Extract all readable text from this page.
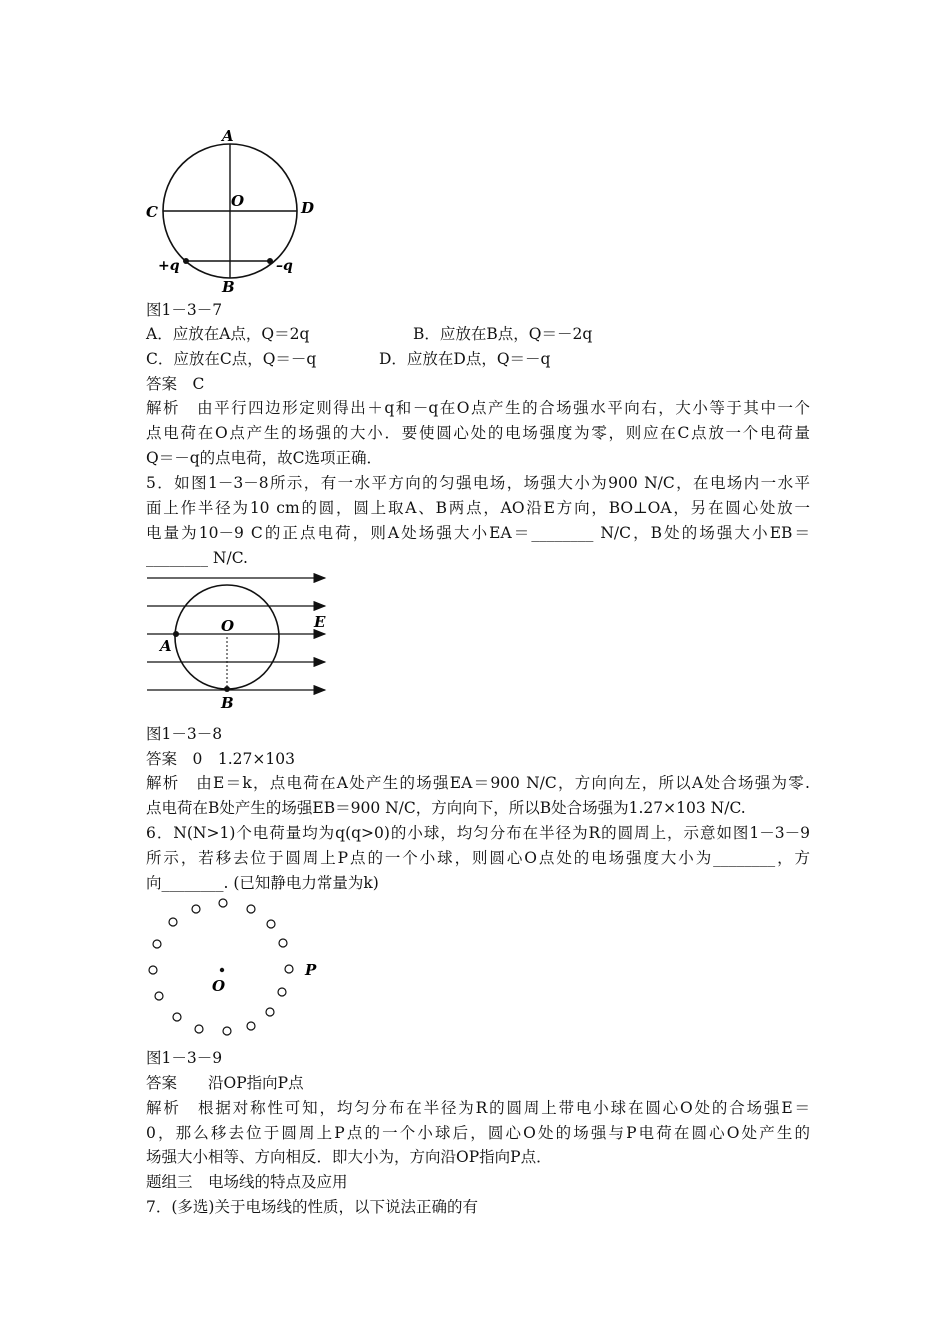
A
B
C	D
O
+q	–q
图1－3－7
A．应放在A点，Q＝2q	B．应放在B点，Q＝－2q
C．应放在C点，Q＝－q	D．应放在D点，Q＝－q
答案　C
解析　由平行四边形定则得出＋q和－q在O点产生的合场强水平向右，大小等于其中一个
点电荷在O点产生的场强的大小．要使圆心处的电场强度为零，则应在C点放一个电荷量
Q＝－q的点电荷，故C选项正确．
5．如图1－3－8所示，有一水平方向的匀强电场，场强大小为900 N/C，在电场内一水平
面上作半径为10 cm的圆，圆上取A、B两点，AO沿E方向，BO⊥OA，另在圆心处放一
电量为10－9 C的正点电荷，则A处场强大小EA＝________ N/C，B处的场强大小EB＝
________ N/C.
O
A
B
E
图1－3－8
答案　0　1.27×103
解析　由E＝k，点电荷在A处产生的场强EA＝900 N/C，方向向左，所以A处合场强为零.
点电荷在B处产生的场强EB＝900 N/C，方向向下，所以B处合场强为1.27×103 N/C.
6．N(N>1)个电荷量均为q(q>0)的小球，均匀分布在半径为R的圆周上，示意如图1－3－9
所示，若移去位于圆周上P点的一个小球，则圆心O点处的电场强度大小为________，方
向________. (已知静电力常量为k)
O
P
图1－3－9
答案　　沿OP指向P点
解析　根据对称性可知，均匀分布在半径为R的圆周上带电小球在圆心O处的合场强E＝
0，那么移去位于圆周上P点的一个小球后，圆心O处的场强与P电荷在圆心O处产生的
场强大小相等、方向相反．即大小为，方向沿OP指向P点．
题组三　电场线的特点及应用
7．(多选)关于电场线的性质，以下说法正确的有
